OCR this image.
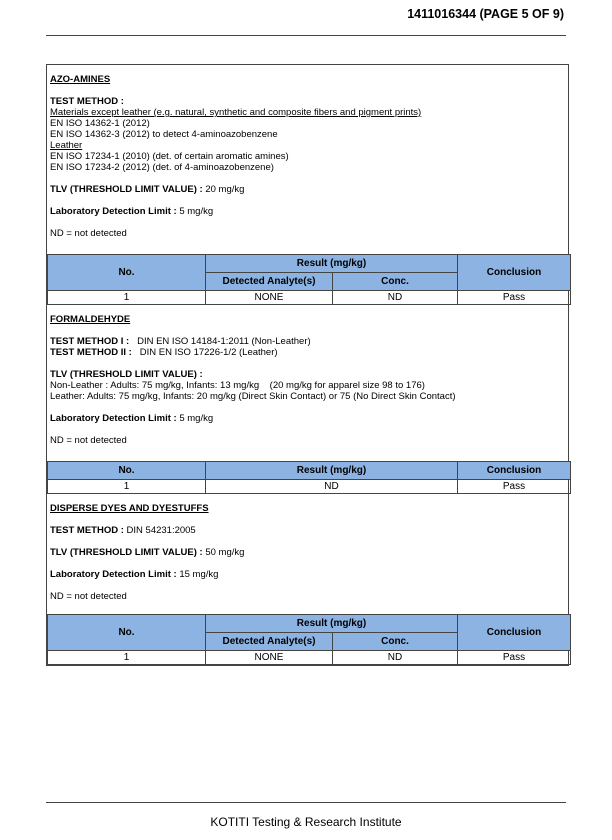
1411016344 (PAGE 5 OF 9)

AZO-AMINES

TEST METHOD :

Materials except leather (e.g. natural, synthetic and composite fibers and pigment prints)

EN ISO 14362-1 (2012)

EN ISO 14362-3 (2012) to detect 4-aminoazobenzene

Leather

EN ISO 17234-1 (2010) (det. of certain aromatic amines)

EN ISO 17234-2 (2012) (det. of 4-aminoazobenzene)

TLV (THRESHOLD LIMIT VALUE) : 20 mg/kg

Laboratory Detection Limit : 5 mg/kg

ND = not detected

No.	Result (mg/kg)		Conclusion
	Detected Analyte(s)	Conc.	
1	NONE	ND	Pass

FORMALDEHYDE

TEST METHOD I :   DIN EN ISO 14184-1:2011 (Non-Leather)

TEST METHOD II :   DIN EN ISO 17226-1/2 (Leather)

TLV (THRESHOLD LIMIT VALUE) :

Non-Leather : Adults: 75 mg/kg, Infants: 13 mg/kg    (20 mg/kg for apparel size 98 to 176)

Leather: Adults: 75 mg/kg, Infants: 20 mg/kg (Direct Skin Contact) or 75 (No Direct Skin Contact)

Laboratory Detection Limit : 5 mg/kg

ND = not detected

No.	Result (mg/kg)	Conclusion
1	ND	Pass

DISPERSE DYES AND DYESTUFFS

TEST METHOD : DIN 54231:2005

TLV (THRESHOLD LIMIT VALUE) : 50 mg/kg

Laboratory Detection Limit : 15 mg/kg

ND = not detected

No.	Result (mg/kg)		Conclusion
	Detected Analyte(s)	Conc.	
1	NONE	ND	Pass
KOTITI Testing & Research Institute
